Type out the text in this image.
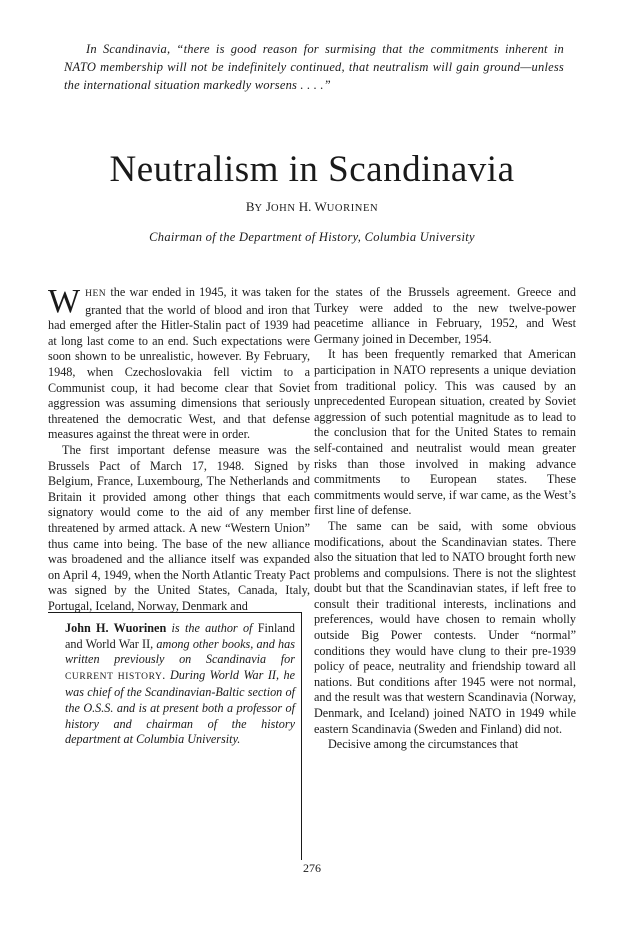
In Scandinavia, “there is good reason for surmising that the commitments inherent in NATO membership will not be indefinitely continued, that neutralism will gain ground—unless the international situation markedly worsens . . . .”

Neutralism in Scandinavia

BY JOHN H. WUORINEN

Chairman of the Department of History, Columbia University

WHEN the war ended in 1945, it was taken for granted that the world of blood and iron that had emerged after the Hitler-Stalin pact of 1939 had at long last come to an end. Such expectations were soon shown to be unrealistic, however. By February, 1948, when Czechoslovakia fell victim to a Communist coup, it had become clear that Soviet aggression was assuming dimensions that seriously threatened the democratic West, and that defense measures against the threat were in order.

The first important defense measure was the Brussels Pact of March 17, 1948. Signed by Belgium, France, Luxembourg, The Netherlands and Britain it provided among other things that each signatory would come to the aid of any member threatened by armed attack. A new “Western Union” thus came into being. The base of the new alliance was broadened and the alliance itself was expanded on April 4, 1949, when the North Atlantic Treaty Pact was signed by the United States, Canada, Italy, Portugal, Iceland, Norway, Denmark and

John H. Wuorinen is the author of Finland and World War II, among other books, and has written previously on Scandinavia for CURRENT HISTORY. During World War II, he was chief of the Scandinavian-Baltic section of the O.S.S. and is at present both a professor of history and chairman of the history department at Columbia University.

the states of the Brussels agreement. Greece and Turkey were added to the new twelve-power peacetime alliance in February, 1952, and West Germany joined in December, 1954.

It has been frequently remarked that American participation in NATO represents a unique deviation from traditional policy. This was caused by an unprecedented European situation, created by Soviet aggression of such potential magnitude as to lead to the conclusion that for the United States to remain self-contained and neutralist would mean greater risks than those involved in making advance commitments to European states. These commitments would serve, if war came, as the West’s first line of defense.

The same can be said, with some obvious modifications, about the Scandinavian states. There also the situation that led to NATO brought forth new problems and compulsions. There is not the slightest doubt but that the Scandinavian states, if left free to consult their traditional interests, inclinations and preferences, would have chosen to remain wholly outside Big Power contests. Under “normal” conditions they would have clung to their pre-1939 policy of peace, neutrality and friendship toward all nations. But conditions after 1945 were not normal, and the result was that western Scandinavia (Norway, Denmark, and Iceland) joined NATO in 1949 while eastern Scandinavia (Sweden and Finland) did not.

Decisive among the circumstances that

276
